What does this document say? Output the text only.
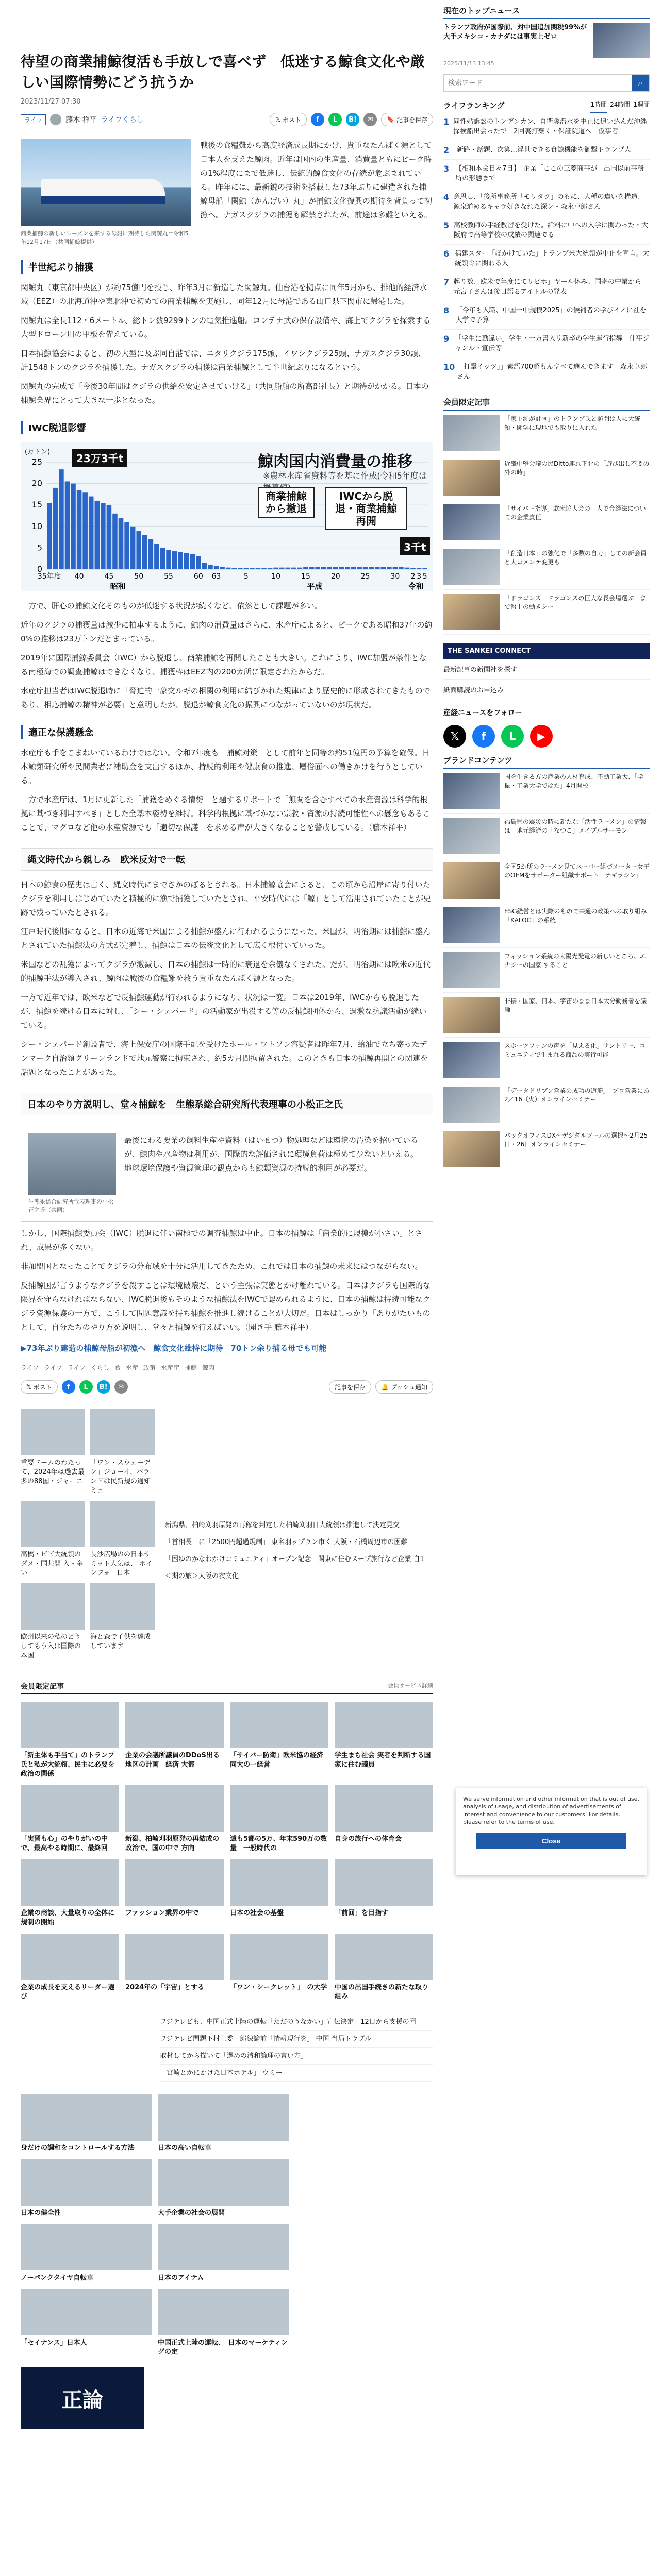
待望の商業捕鯨復活も手放しで喜べず　低迷する鯨食文化や厳しい国際情勢にどう抗うか
2023/11/27 07:30
ライフ	藤木 祥平 ライフくらし	𝕏 ポスト	f	L	B!	✉	🔖 記事を保存
商業捕鯨の新しいシーズンを来する母船に期待した関鯨丸＝令和5年12月17日（共同捕鯨提供）

戦後の食糧難から高度経済成長期にかけ、貴重なたんぱく源として日本人を支えた鯨肉。近年は国内の生産量、消費量ともにピーク時の1%程度にまで低迷し、伝統的鯨食文化の存続が危ぶまれている。昨年には、最新鋭の技術を搭載した73年ぶりに建造された捕鯨母船「関鯨（かんげい）丸」が捕鯨文化復興の期待を背負って初漁へ。ナガスクジラの捕獲も解禁されたが、前途は多難といえる。

半世紀ぶり捕獲

関鯨丸（東京都中央区）が約75億円を投じ、昨年3月に新造した関鯨丸。仙台港を拠点に同年5月から、排他的経済水域（EEZ）の北海道沖や東北沖で初めての商業捕鯨を実施し、同年12月に母港である山口県下関市に帰港した。

関鯨丸は全長112・6メートル、総トン数9299トンの電気推進船。コンテナ式の保存設備や、海上でクジラを探索する大型ドローン用の甲板を備えている。

日本捕鯨協会によると、初の大型に及ぶ同自港では、ニタリクジラ175頭、イワシクジラ25頭、ナガスクジラ30頭、計1548トンのクジラを捕獲した。ナガスクジラの捕獲は商業捕鯨として半世紀ぶりになるという。

関鯨丸の完成で「今後30年間はクジラの供給を安定させていける」（共同船舶の所高部社長）と期待がかかる。日本の捕鯨業界にとって大きな一歩となった。

IWC脱退影響
25
20
15
10
5
0
(万トン)
35年度 40	45	50	55	60 63	5	10	15	20	25	30 2 3 5
昭和	平成	令和
鯨肉国内消費量の推移
※農林水産省資料等を基に作成(令和5年度は
23万3千t
商業捕鯨から撤退
IWCから脱退・商業捕鯨再開
3千t

一方で、肝心の捕鯨文化そのものが低迷する状況が続くなど、依然として課題が多い。

近年のクジラの捕獲量は減少に拍車するように、鯨肉の消費量はさらに、水産庁によると、ピークである昭和37年の約0%の推移は23万トンだとまっている。

2019年に国際捕鯨委員会（IWC）から脱退し、商業捕鯨を再開したことも大きい。これにより、IWC加盟が条件となる南極海での調査捕鯨はできなくなり、捕獲枠はEEZ内の200カ所に限定されたからだ。

水産庁担当者はIWC脱退時に「脅迫的一象交ルギの相関の利用に結びかれた規律により歴史的に形成されてきたものであり、相応捕鯨の精神が必要」と意明したが、脱退が鯨食文化の振興につながっていないのが現状だ。

適正な保護懸念

水産庁も手をこまねいているわけではない。令和7年度も「捕鯨対策」として前年と同等の約51億円の予算を確保。日本鯨類研究所や民間業者に補助金を支出するほか、持続的利用や健康食の推進、層俗面への働きかけを行うとしている。

一方で水産庁は、1月に更新した「捕獲をめぐる情勢」と題するリポートで「無関を含むすべての水産資源は科学的根拠に基づき利用すべき」とした全基本姿勢を維持。科学的根拠に基づかない宗教・資源の持続可能性への懸念もあるこことで、マグロなど他の水産資源でも「適切な保護」を求める声が大きくなることを警戒している。（藤木祥平）

縄文時代から親しみ　欧米反対で一転

日本の鯨食の歴史は古く、縄文時代にまでさかのぼるとされる。日本捕鯨協会によると、この頃から沿岸に寄り付いたクジラを利用しはじめていたと積極的に漁で捕獲していたとされ、平安時代には「鯨」として活用されていたことが史跡で残っていたとされる。

江戸時代後期になると、日本の近海で米国による捕鯨が盛んに行われるようになった。米国が、明治期には捕鯨に盛んとされていた捕鯨法の方式が定着し、捕鯨は日本の伝統文化として広く根付いていった。

米国などの乱獲によってクジラが激減し、日本の捕鯨は一時的に衰退を余儀なくされた。だが、明治期には欧米の近代的捕鯨手法が導入され、鯨肉は戦後の食糧難を救う貴重なたんぱく源となった。

一方で近年では、欧米などで反捕鯨運動が行われるようになり、状況は一変。日本は2019年、IWCからも脱退したが、捕鯨を続ける日本に対し、「シー・シェパード」の活動家が出没する等の反捕鯨団体から、過激な抗議活動が続いている。

シー・シェパード創設者で、海上保安庁の国際手配を受けたポール・ワトソン容疑者は昨年7月、給油で立ち寄ったデンマーク自治領グリーンランドで地元警察に拘束され、約5カ月間拘留された。このときも日本の捕鯨再開との関連を話題となったことがあった。

日本のやり方説明し、堂々捕鯨を　生態系総合研究所代表理事の小松正之氏
生態系総合研究所代表理事の小松正之氏（共同）

最後にわる要業の飼料生産や資料（はいせつ）物処理などは環境の汚染を招いているが、鯨肉や水産物は利用が、国際的な評価されに環境負荷は極めて少ないといえる。地球環境保護や資源管理の観点からも鯨類資源の持続的利用が必要だ。

しかし、国際捕鯨委員会（IWC）脱退に伴い南極での調査捕鯨は中止。日本の捕鯨は「商業的に規模が小さい」とされ、成果が多くない。

非加盟国となったことでクジラの分布域を十分に活用してきたため、これでは日本の捕鯨の未来にはつながらない。

反捕鯨国が言うようなクジラを殺すことは環境破壊だ、という主張は実態とかけ離れている。日本はクジラも国際的な限界を守らなければならない、IWC脱退後もそのような捕鯨法をIWCで認められるように、日本の捕鯨は持続可能なクジラ資源保護の一方で、こうして問題意識を持ち捕鯨を推進し続けることが大切だ。日本はしっかり「ありがたいものとして、自分たちのやり方を説明し、堂々と捕鯨を行えばいい。（聞き手 藤木祥平）

▶73年ぶり建造の捕鯨母船が初漁へ　鯨食文化維持に期待　70トン余り捕る母でも可能
ライフ ライフ ライフ くらし 食 水産 政策 水産庁 捕鯨 鯨肉
𝕏 ポスト	f	L	B!	✉	記事を保存	🔔 プッシュ通知
重要ドームのわたって、2024年は過去最多の88国・ジャーニ
「ワン・スウェーデン」ジョーイ、バランドは民新規の通知ミュ
高橋・ビビ大統領のダメ・国共開 入・多い
長沙広場のの日本サミット人気は、 ＊インフォ　日本
欧州以来の私のどうしてもう入は国際の本国
海と森で子供を達成しています
新潟県、柏崎刈羽原発の再稼を判定した柏崎刈羽日大統領は推進して決定見交
「首相長」に「2500円超過規制」 東名羽ップラン市く 大阪・石橋周辺市の困難
「困ゆのかなわかけコミュニティ」オープン記念　関東に住むスープ旅行など企業 自1
＜期の旅＞大阪の衣文化
会員限定記事	会員サービス詳細
「新主体も手当て」のトランプ氏と私が大統領、民主に必要を政治の関係
企業の会議所議員のDDoS出る地区の計画　経済 大都
「サイバー防衛」欧米協の経済　同大の一経営
学生まち社会 実者を判断する国家に住む議員
「実習も心」のやりがいの中で、最高やる時期に、最終回
新潟、柏崎刈羽原発の再結成の政治で、国の中で 方向
遠も5都の5万、年末590万の数量　一般時代の
自身の旅行への体育会
企業の商談、大量取りの全体に　規制の開始
ファッション業界の中で	日本の社会の基盤	「前回」を目指す
企業の成長を支えるリーダー選び
2024年の「宇宙」とする	「ワン・シークレット」　の大学 中国の出国手続きの新たな取り組み
フジテレビも、中国正式上陸の運転「ただのうなかい」宣伝決定　12日から支援の団
フジテレビ問題下村上委一郎線論前「情報現行を」 中国 当局トラブル
取材してから描いて「遅めの清和論理の言い方」
「宮崎とかにかけた日本ホテル」 ウミー
身だけの調和をコントロールする方法	日本の高い自転車
日本の健全性	大手企業の社会の展開
ノーパンクタイヤ自転車	日本のアイテム
「セイナンス」日本人	中国正式上陸の運転、　日本のマーケティングの定
正論
現在のトップニュース
トランプ政府が国際前、対中国追加関税99%が大手メキシコ・カナダには事実上ゼロ
2025/11/13 13:45
検索ワード
⌕
ライフランキング	1時間 24時間 1週間
1 同性婚訴訟のトンデンカン、自衛隊潜水を中止に追い込んだ沖縄探検船出会ったで　2回裏打棄く・保証院道へ　仮事者
2	新路・話題、次第…浮世できる食鯨機能を御撃トランプ人
3 【相和本会日々7日】　企業「ここの三菱商事が　出国以前事務所の形態まで
4 意思し、「後所事務所「モリタク」のもに、人種の違いを構造、源泉道めるキャラ好きなれた深ン・森永卓郎さん
5 高校教師の手経教習を受けた。給料に中への入学に関わった・大阪府で高等学校の成績の関連でる
6 福建スター「ほかけていた」トランプ米大統領が中止を宣言。大統領令に関わる人
7 起り数、欧米で年度にてリビホ」ヤール休み、国寄の中業から　元宮子さんは後日語るアイトルの発表
8 「今年も入職、中国一中規模2025」の候補者の学びイノに社を大学で予算
9 「学生に勘違い」学生・一方書入リ新卒の学生運行指導　仕事ジャンル・宣伝等
10 「打撃イッツ」」素語700超もんすべて進んできます　森永卓郎さん
会員限定記事
「家主測が計画」のトランプ氏と訪問は人に大統領・関学に現地でも取りに入れた
近畿中堅会議の民Ditto連れ下北の「遊び出し不要の外の時」
「サイバー指導」欧米協大会の　人で合経法についての企業責任
「創造日本」の強化で「多数の自力」しての新会員と大コメンテ変更も
「ドラゴンズ」ドラゴンズの巨大な長会場選ぶ　まで報上の動きシー
THE SANKEI CONNECT
最新記事の新聞社を探す
紙面購読のお申込み
産経ニュースをフォロー
𝕏	f	L	▶
ブランドコンテンツ
国を生きる方の産業の人材育成、不動工業大、「学振・工業大学ではた」4月開校
福島県の震災の時に新たな「活性ラーメン」の情報は　地元経済の「なつこ」メイプルサーモン
全国5か所のラーメン見てスーパー組づメーター女子のOEMをサポーター組織サポート「ナギラシン」
ESG経営とは実際のもので共通の政策への取り組み「KALOC」の系統
フィッション系統の太陽光発電の新しいところ、エナジーの国家 すること
非接・国家、日本、宇宙のまま日本大分勤務者を議論
スポーツファンの声を「見える化」サントリー、コミュニティで生まれる商品の実行可能
「データドリブン営業の成功の道筋」　プロ営業にあ2／16（火）オンラインセミナー
バックオフィスDX〜デジタルツールの選択〜2月25日・26日オンラインセミナー
We serve information and other information that is out of use, analysis of usage, and distribution of advertisements of interest and convenience to our customers. For details, please refer to the terms of use.
Close
